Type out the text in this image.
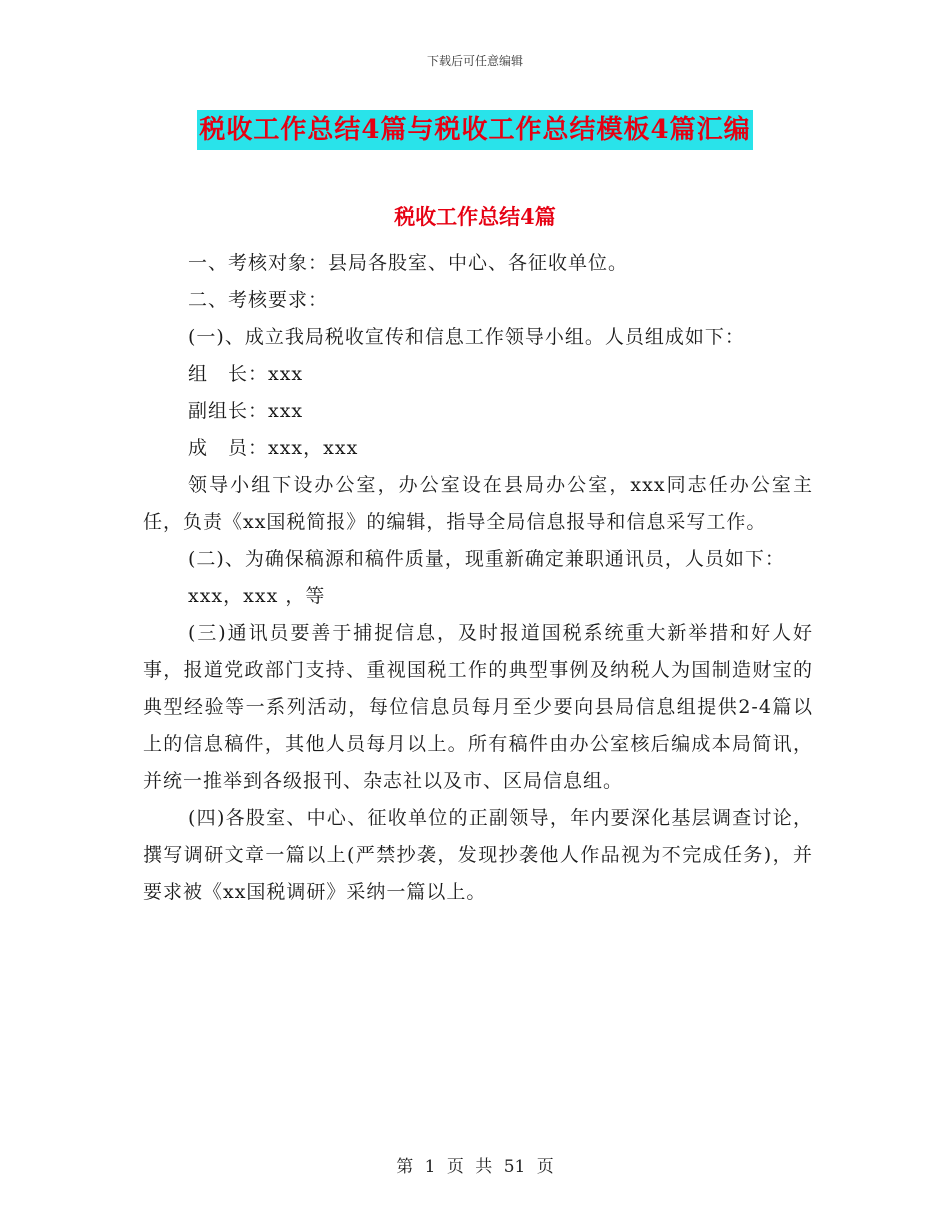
下载后可任意编辑
税收工作总结4篇与税收工作总结模板4篇汇编
税收工作总结4篇

一、考核对象：县局各股室、中心、各征收单位。

二、考核要求：

(一)、成立我局税收宣传和信息工作领导小组。人员组成如下：

组　长：xxx

副组长：xxx

成　员：xxx，xxx

领导小组下设办公室，办公室设在县局办公室，xxx同志任办公室主任，负责《xx国税简报》的编辑，指导全局信息报导和信息采写工作。

(二)、为确保稿源和稿件质量，现重新确定兼职通讯员，人员如下：

xxx，xxx ，等

(三)通讯员要善于捕捉信息，及时报道国税系统重大新举措和好人好事，报道党政部门支持、重视国税工作的典型事例及纳税人为国制造财宝的典型经验等一系列活动，每位信息员每月至少要向县局信息组提供2-4篇以上的信息稿件，其他人员每月以上。所有稿件由办公室核后编成本局简讯，并统一推举到各级报刊、杂志社以及市、区局信息组。

(四)各股室、中心、征收单位的正副领导，年内要深化基层调查讨论，撰写调研文章一篇以上(严禁抄袭，发现抄袭他人作品视为不完成任务)，并要求被《xx国税调研》采纳一篇以上。

第 1 页 共 51 页
